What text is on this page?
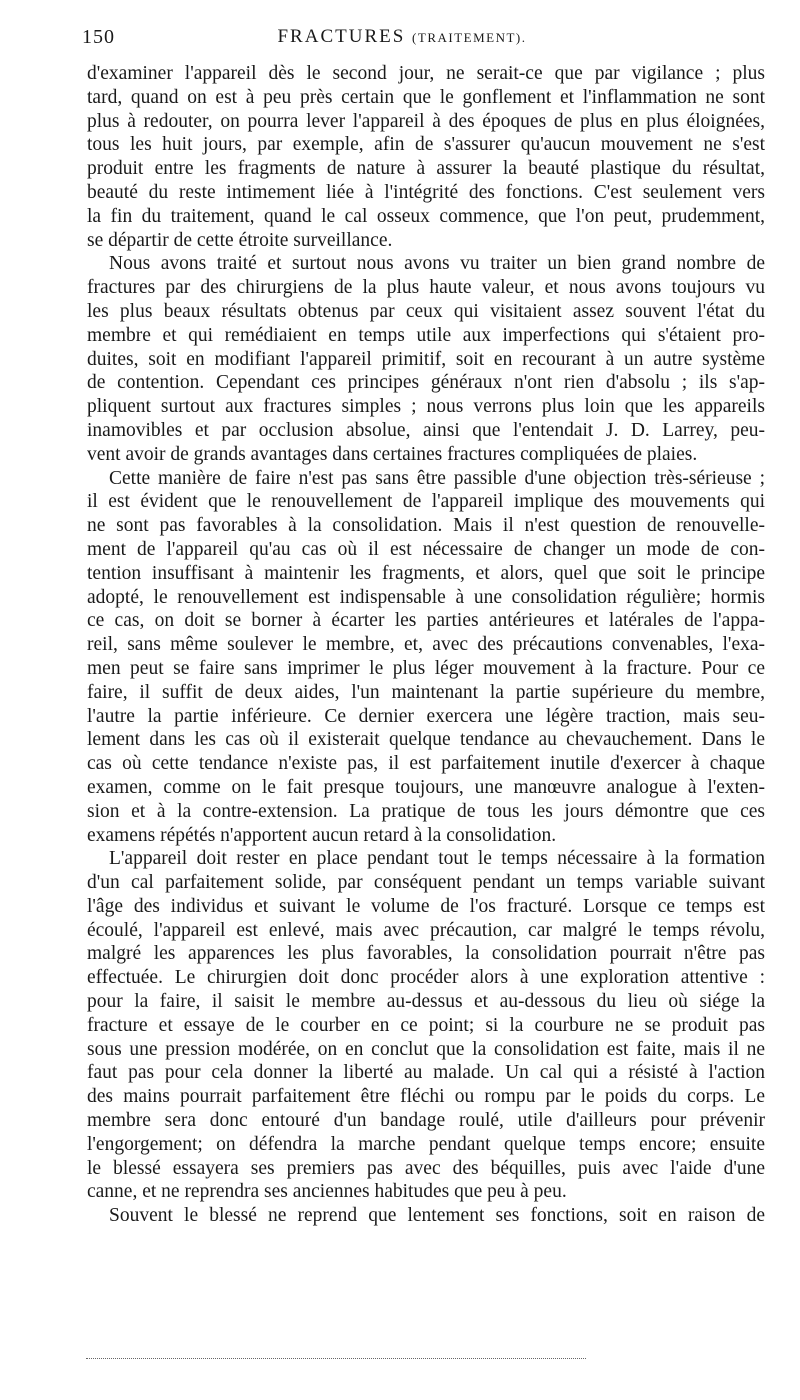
150	FRACTURES (TRAITEMENT).
d'examiner l'appareil dès le second jour, ne serait-ce que par vigilance ; plus
tard, quand on est à peu près certain que le gonflement et l'inflammation ne sont
plus à redouter, on pourra lever l'appareil à des époques de plus en plus éloignées,
tous les huit jours, par exemple, afin de s'assurer qu'aucun mouvement ne s'est
produit entre les fragments de nature à assurer la beauté plastique du résultat,
beauté du reste intimement liée à l'intégrité des fonctions. C'est seulement vers
la fin du traitement, quand le cal osseux commence, que l'on peut, prudemment,
se départir de cette étroite surveillance.
Nous avons traité et surtout nous avons vu traiter un bien grand nombre de
fractures par des chirurgiens de la plus haute valeur, et nous avons toujours vu
les plus beaux résultats obtenus par ceux qui visitaient assez souvent l'état du
membre et qui remédiaient en temps utile aux imperfections qui s'étaient pro-
duites, soit en modifiant l'appareil primitif, soit en recourant à un autre système
de contention. Cependant ces principes généraux n'ont rien d'absolu ; ils s'ap-
pliquent surtout aux fractures simples ; nous verrons plus loin que les appareils
inamovibles et par occlusion absolue, ainsi que l'entendait J. D. Larrey, peu-
vent avoir de grands avantages dans certaines fractures compliquées de plaies.
Cette manière de faire n'est pas sans être passible d'une objection très-sérieuse ;
il est évident que le renouvellement de l'appareil implique des mouvements qui
ne sont pas favorables à la consolidation. Mais il n'est question de renouvelle-
ment de l'appareil qu'au cas où il est nécessaire de changer un mode de con-
tention insuffisant à maintenir les fragments, et alors, quel que soit le principe
adopté, le renouvellement est indispensable à une consolidation régulière; hormis
ce cas, on doit se borner à écarter les parties antérieures et latérales de l'appa-
reil, sans même soulever le membre, et, avec des précautions convenables, l'exa-
men peut se faire sans imprimer le plus léger mouvement à la fracture. Pour ce
faire, il suffit de deux aides, l'un maintenant la partie supérieure du membre,
l'autre la partie inférieure. Ce dernier exercera une légère traction, mais seu-
lement dans les cas où il existerait quelque tendance au chevauchement. Dans le
cas où cette tendance n'existe pas, il est parfaitement inutile d'exercer à chaque
examen, comme on le fait presque toujours, une manœuvre analogue à l'exten-
sion et à la contre-extension. La pratique de tous les jours démontre que ces
examens répétés n'apportent aucun retard à la consolidation.
L'appareil doit rester en place pendant tout le temps nécessaire à la formation
d'un cal parfaitement solide, par conséquent pendant un temps variable suivant
l'âge des individus et suivant le volume de l'os fracturé. Lorsque ce temps est
écoulé, l'appareil est enlevé, mais avec précaution, car malgré le temps révolu,
malgré les apparences les plus favorables, la consolidation pourrait n'être pas
effectuée. Le chirurgien doit donc procéder alors à une exploration attentive :
pour la faire, il saisit le membre au-dessus et au-dessous du lieu où siége la
fracture et essaye de le courber en ce point; si la courbure ne se produit pas
sous une pression modérée, on en conclut que la consolidation est faite, mais il ne
faut pas pour cela donner la liberté au malade. Un cal qui a résisté à l'action
des mains pourrait parfaitement être fléchi ou rompu par le poids du corps. Le
membre sera donc entouré d'un bandage roulé, utile d'ailleurs pour prévenir
l'engorgement; on défendra la marche pendant quelque temps encore; ensuite
le blessé essayera ses premiers pas avec des béquilles, puis avec l'aide d'une
canne, et ne reprendra ses anciennes habitudes que peu à peu.
Souvent le blessé ne reprend que lentement ses fonctions, soit en raison de
